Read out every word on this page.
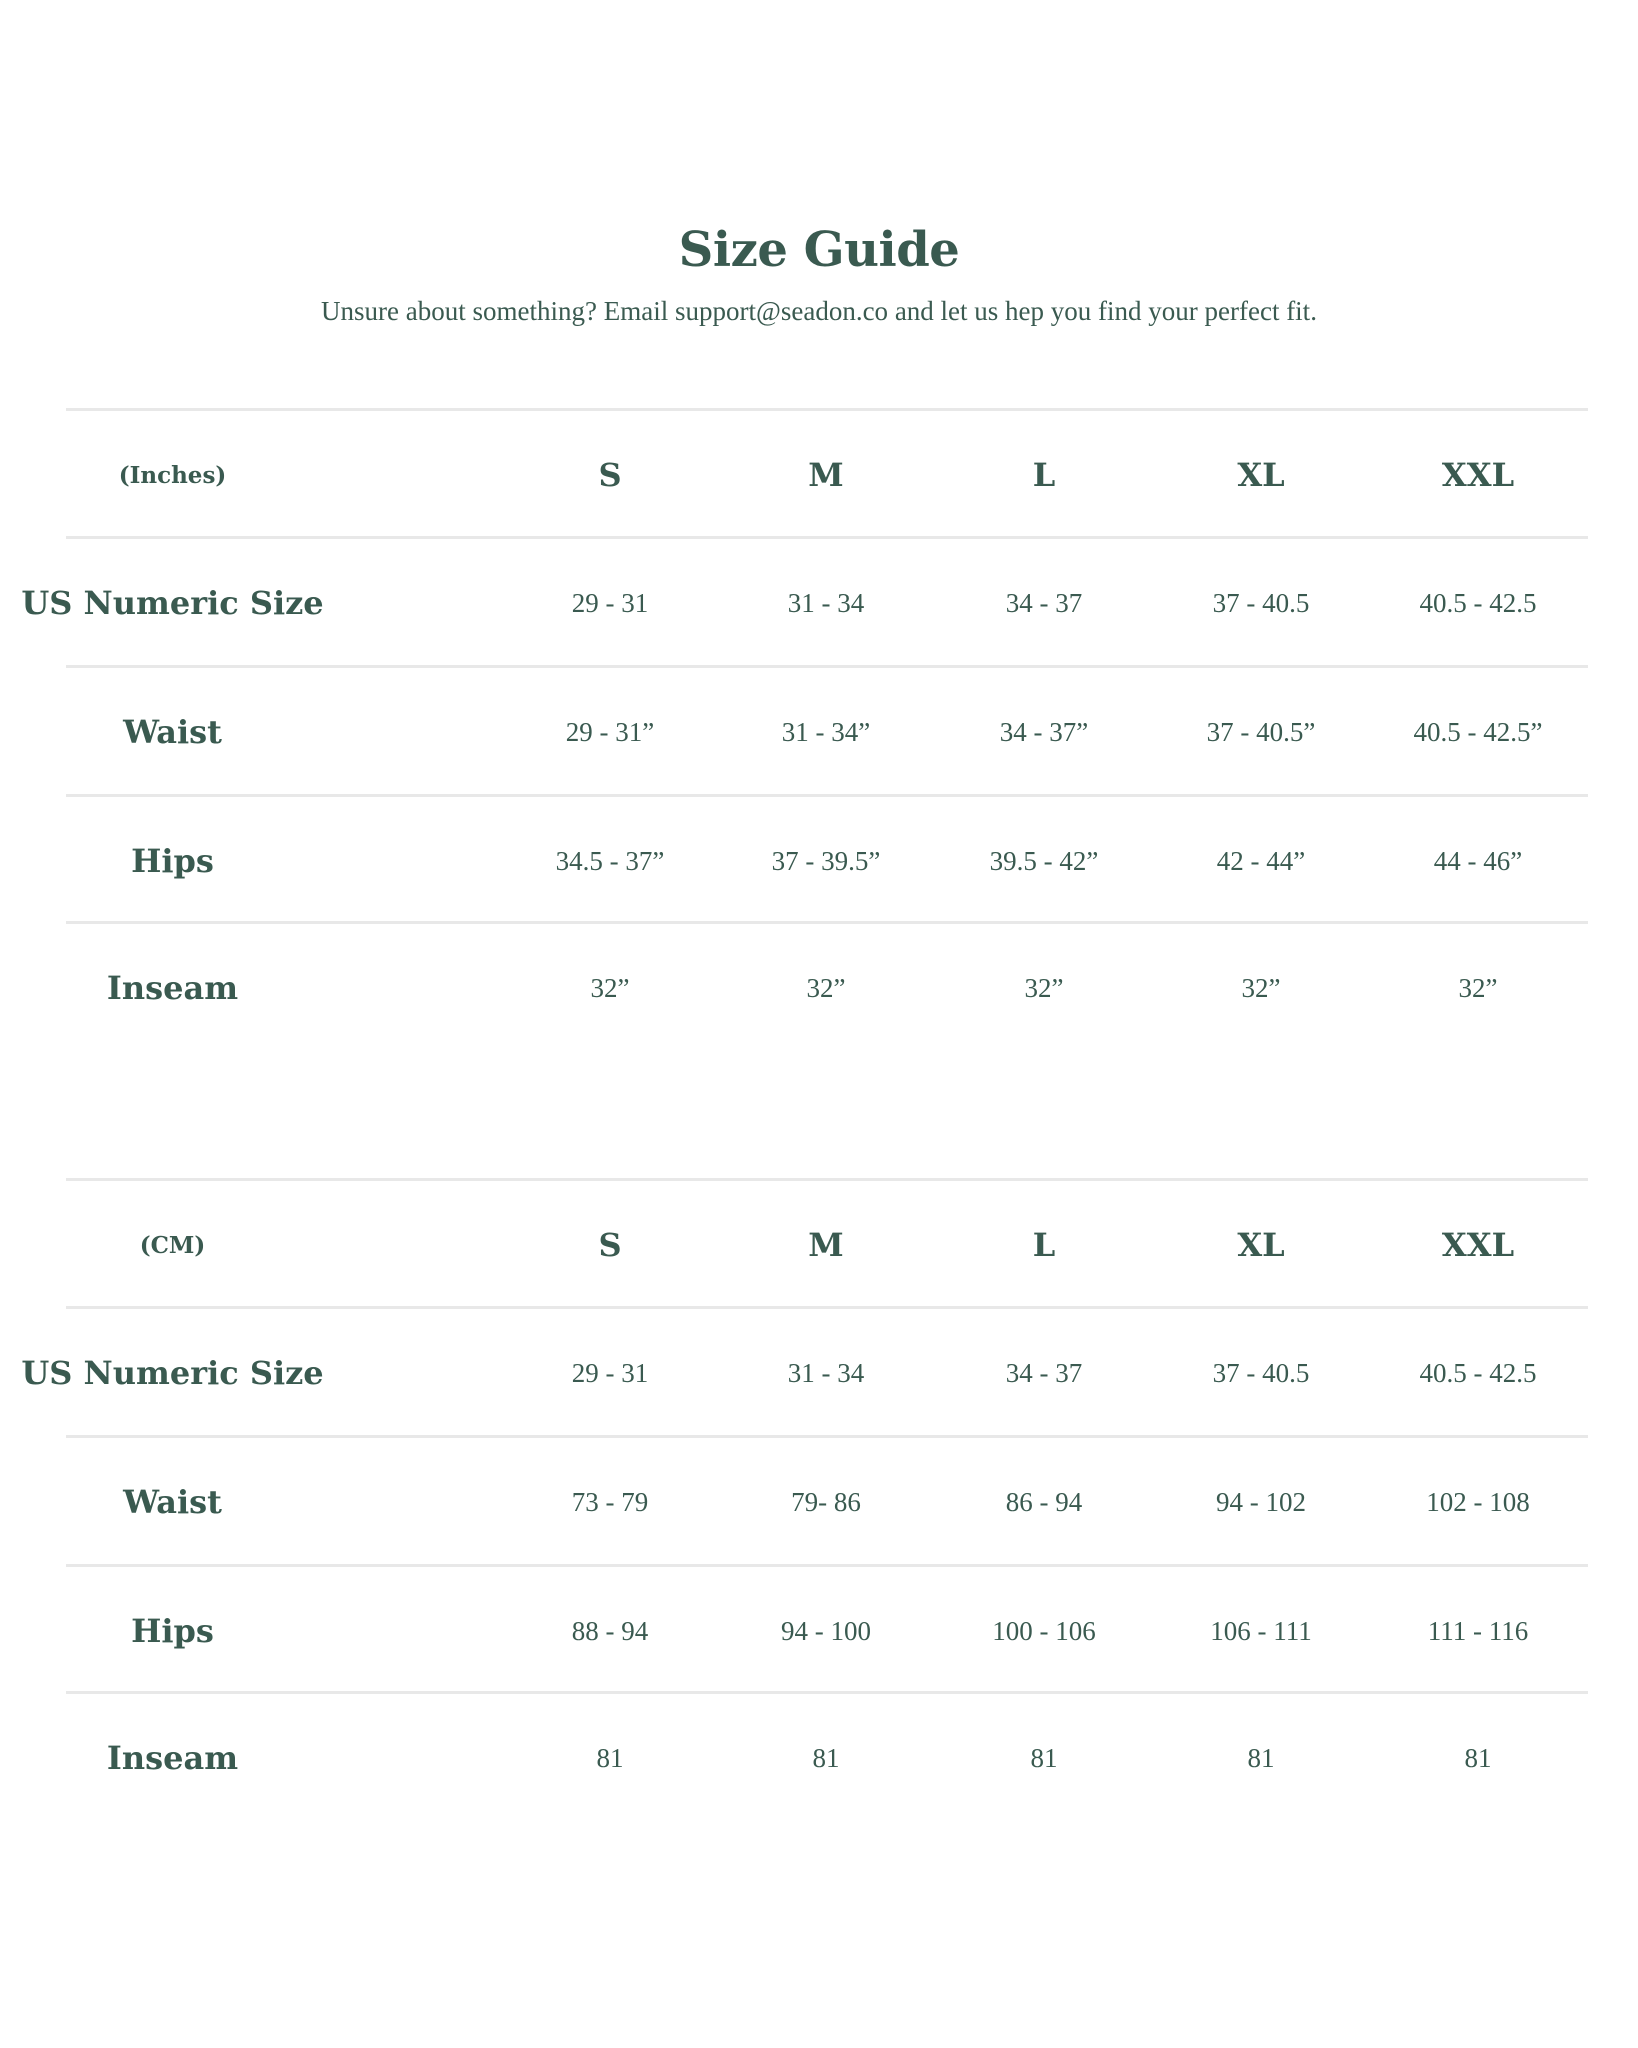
Size Guide

Unsure about something? Email support@seadon.co and let us hep you find your perfect fit.

(Inches)	S	M	L	XL	XXL
US Numeric Size	29 - 31	31 - 34	34 - 37	37 - 40.5	40.5 - 42.5
Waist	29 - 31”	31 - 34”	34 - 37”	37 - 40.5”	40.5 - 42.5”
Hips	34.5 - 37”	37 - 39.5”	39.5 - 42”	42 - 44”	44 - 46”
Inseam	32”	32”	32”	32”	32”
(CM)	S	M	L	XL	XXL
US Numeric Size	29 - 31	31 - 34	34 - 37	37 - 40.5	40.5 - 42.5
Waist	73 - 79	79- 86	86 - 94	94 - 102	102 - 108
Hips	88 - 94	94 - 100	100 - 106	106 - 111	111 - 116
Inseam	81	81	81	81	81
